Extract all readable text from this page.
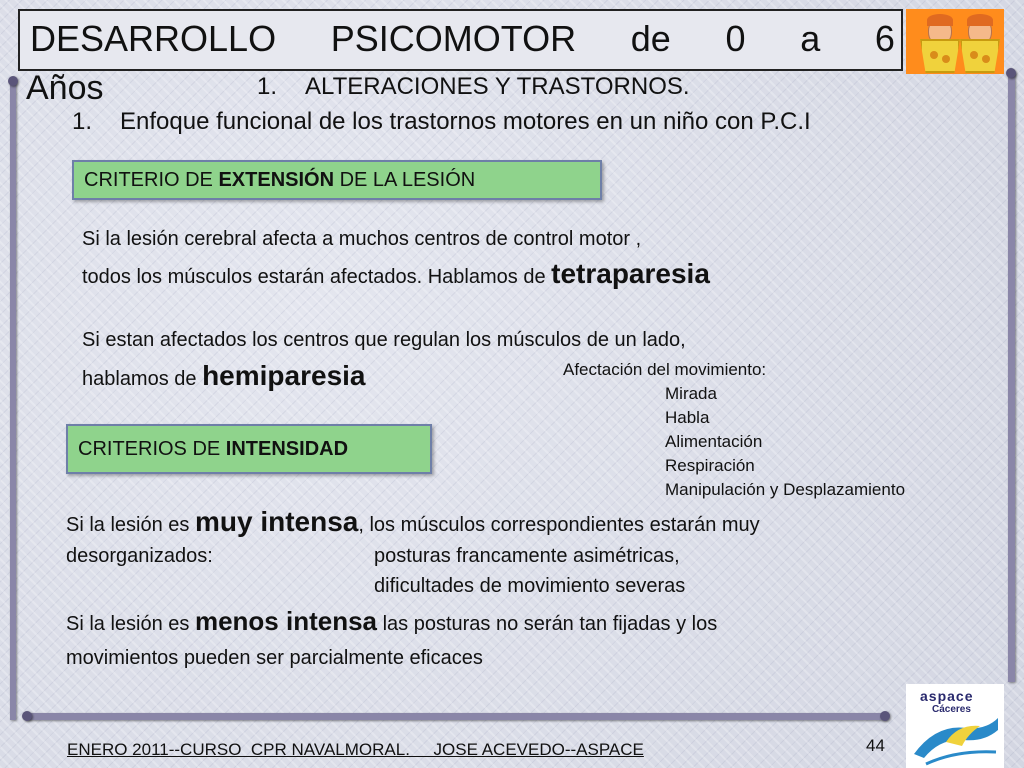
DESARROLLO PSICOMOTOR de 0 a 6
Años	1. ALTERACIONES Y TRASTORNOS.
1. Enfoque funcional de los trastornos motores en un niño con P.C.I
CRITERIO DE EXTENSIÓN DE LA LESIÓN
Si la lesión cerebral afecta a muchos centros de control motor ,
todos los músculos estarán afectados. Hablamos de tetraparesia
Si estan afectados los centros que regulan los músculos de un lado,
hablamos de hemiparesia	Afectación del movimiento:
Mirada
Habla
Alimentación
Respiración
Manipulación y Desplazamiento
CRITERIOS DE INTENSIDAD
Si la lesión es muy intensa, los músculos correspondientes estarán muy
desorganizados:	posturas francamente asimétricas,
dificultades de movimiento severas
Si la lesión es menos intensa las posturas no serán tan fijadas y los
movimientos pueden ser parcialmente eficaces
ENERO 2011--CURSO  CPR NAVALMORAL.     JOSE ACEVEDO--ASPACE	44
aspace
Cáceres
